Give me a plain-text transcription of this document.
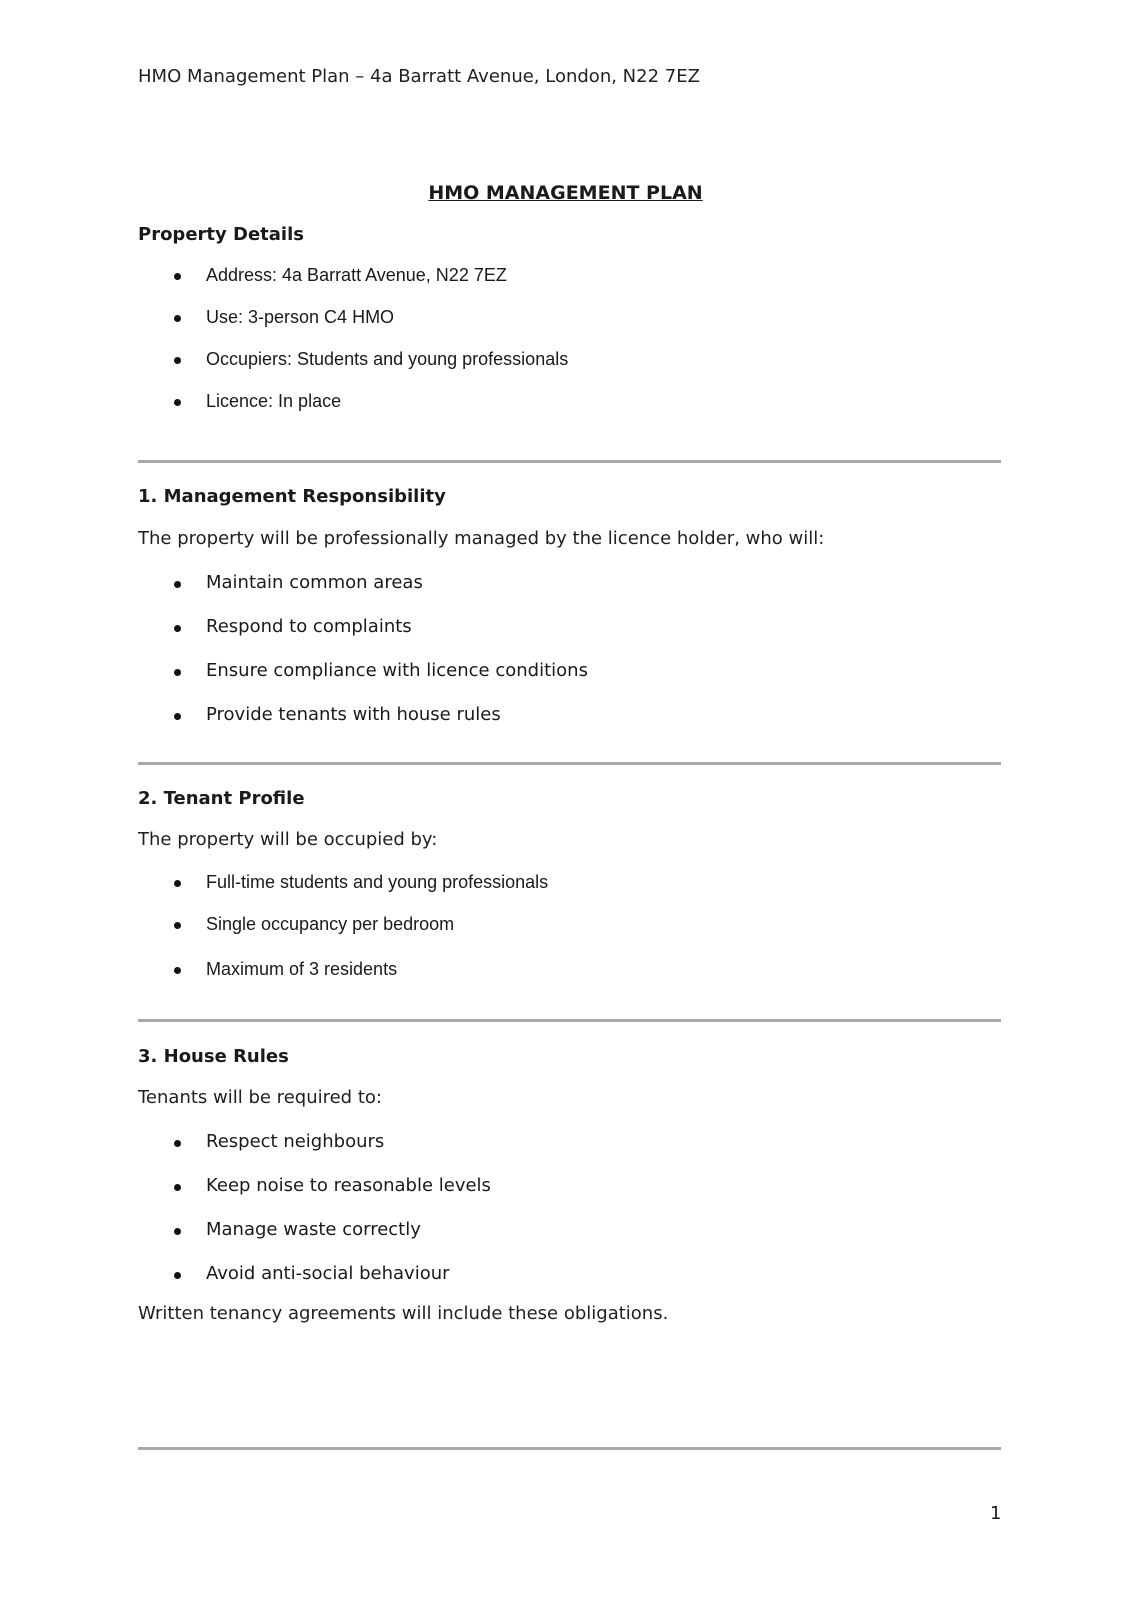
HMO Management Plan – 4a Barratt Avenue, London, N22 7EZ
HMO MANAGEMENT PLAN
Property Details
Address: 4a Barratt Avenue, N22 7EZ
Use: 3-person C4 HMO
Occupiers: Students and young professionals
Licence: In place
1. Management Responsibility
The property will be professionally managed by the licence holder, who will:
Maintain common areas
Respond to complaints
Ensure compliance with licence conditions
Provide tenants with house rules
2. Tenant Profile
The property will be occupied by:
Full-time students and young professionals
Single occupancy per bedroom
Maximum of 3 residents
3. House Rules
Tenants will be required to:
Respect neighbours
Keep noise to reasonable levels
Manage waste correctly
Avoid anti-social behaviour
Written tenancy agreements will include these obligations.
1
